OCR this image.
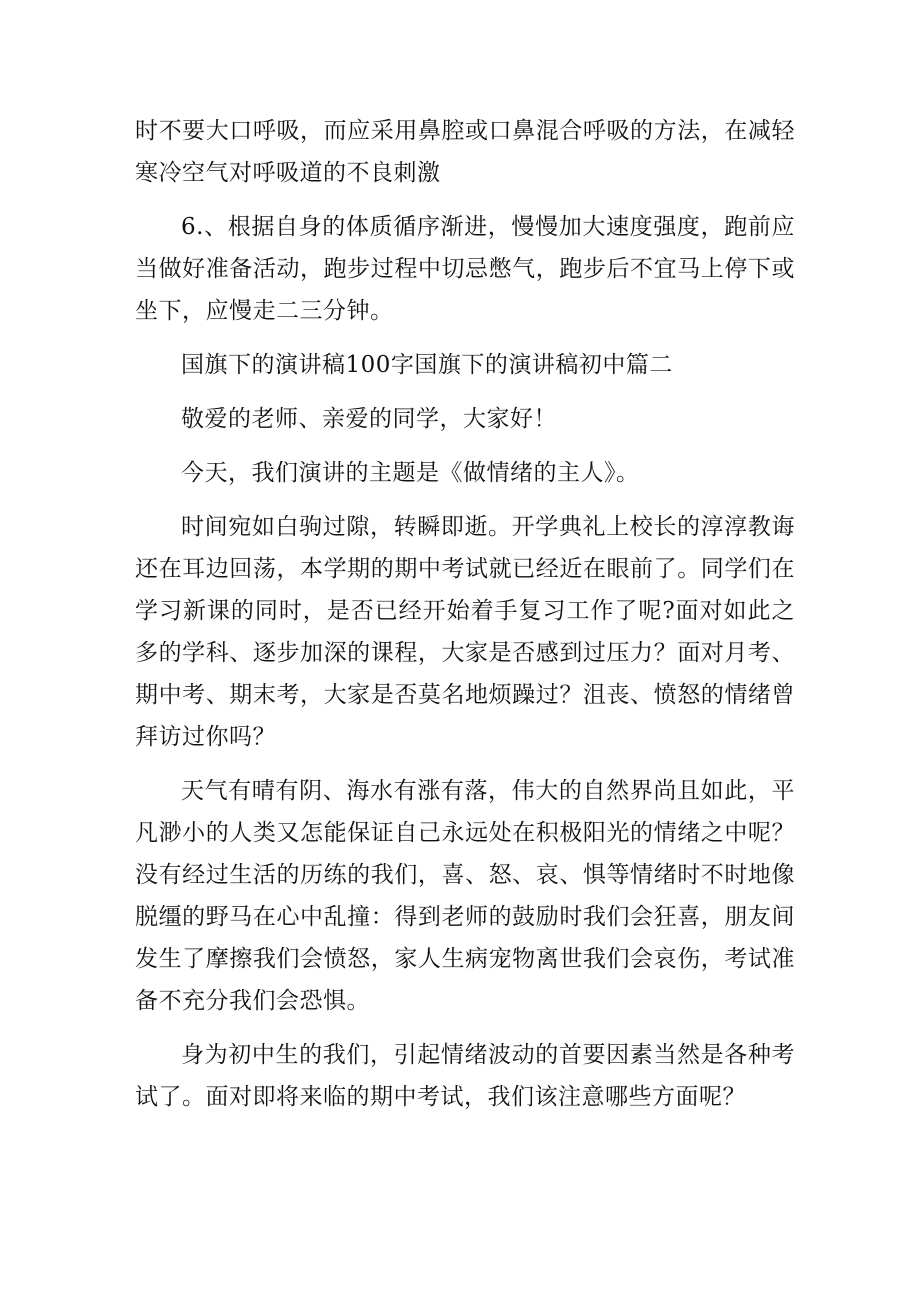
时不要大口呼吸，而应采用鼻腔或口鼻混合呼吸的方法，在减轻寒冷空气对呼吸道的不良刺激

6.、根据自身的体质循序渐进，慢慢加大速度强度，跑前应当做好准备活动，跑步过程中切忌憋气，跑步后不宜马上停下或坐下，应慢走二三分钟。

国旗下的演讲稿100字国旗下的演讲稿初中篇二

敬爱的老师、亲爱的同学，大家好！

今天，我们演讲的主题是《做情绪的主人》。

时间宛如白驹过隙，转瞬即逝。开学典礼上校长的淳淳教诲还在耳边回荡，本学期的期中考试就已经近在眼前了。同学们在学习新课的同时，是否已经开始着手复习工作了呢?面对如此之多的学科、逐步加深的课程，大家是否感到过压力？面对月考、期中考、期末考，大家是否莫名地烦躁过？沮丧、愤怒的情绪曾拜访过你吗？

天气有晴有阴、海水有涨有落，伟大的自然界尚且如此，平凡渺小的人类又怎能保证自己永远处在积极阳光的情绪之中呢？没有经过生活的历练的我们，喜、怒、哀、惧等情绪时不时地像脱缰的野马在心中乱撞：得到老师的鼓励时我们会狂喜，朋友间发生了摩擦我们会愤怒，家人生病宠物离世我们会哀伤，考试准备不充分我们会恐惧。

身为初中生的我们，引起情绪波动的首要因素当然是各种考试了。面对即将来临的期中考试，我们该注意哪些方面呢？
